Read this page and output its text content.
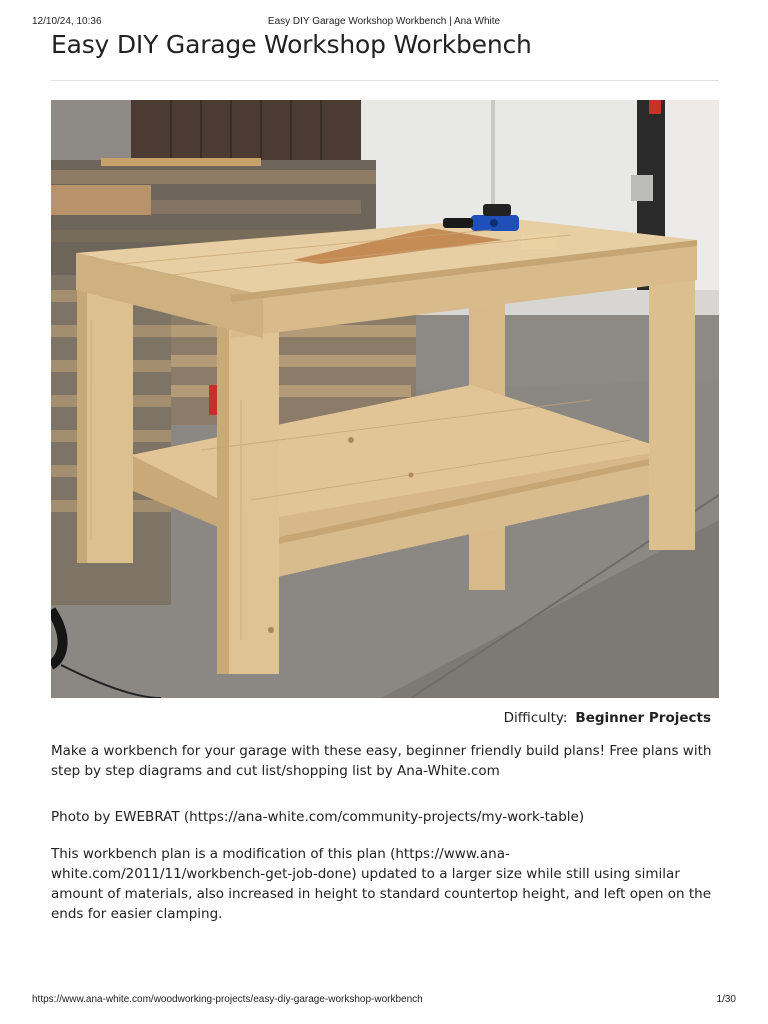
12/10/24, 10:36	Easy DIY Garage Workshop Workbench | Ana White
Easy DIY Garage Workshop Workbench
Difficulty: Beginner Projects

Make a workbench for your garage with these easy, beginner friendly build plans! Free plans with step by step diagrams and cut list/shopping list by Ana-White.com

Photo by EWEBRAT (https://ana-white.com/community-projects/my-work-table)

This workbench plan is a modification of this plan (https://www.ana-white.com/2011/11/workbench-get-job-done) updated to a larger size while still using similar amount of materials, also increased in height to standard countertop height, and left open on the ends for easier clamping.

https://www.ana-white.com/woodworking-projects/easy-diy-garage-workshop-workbench	1/30
